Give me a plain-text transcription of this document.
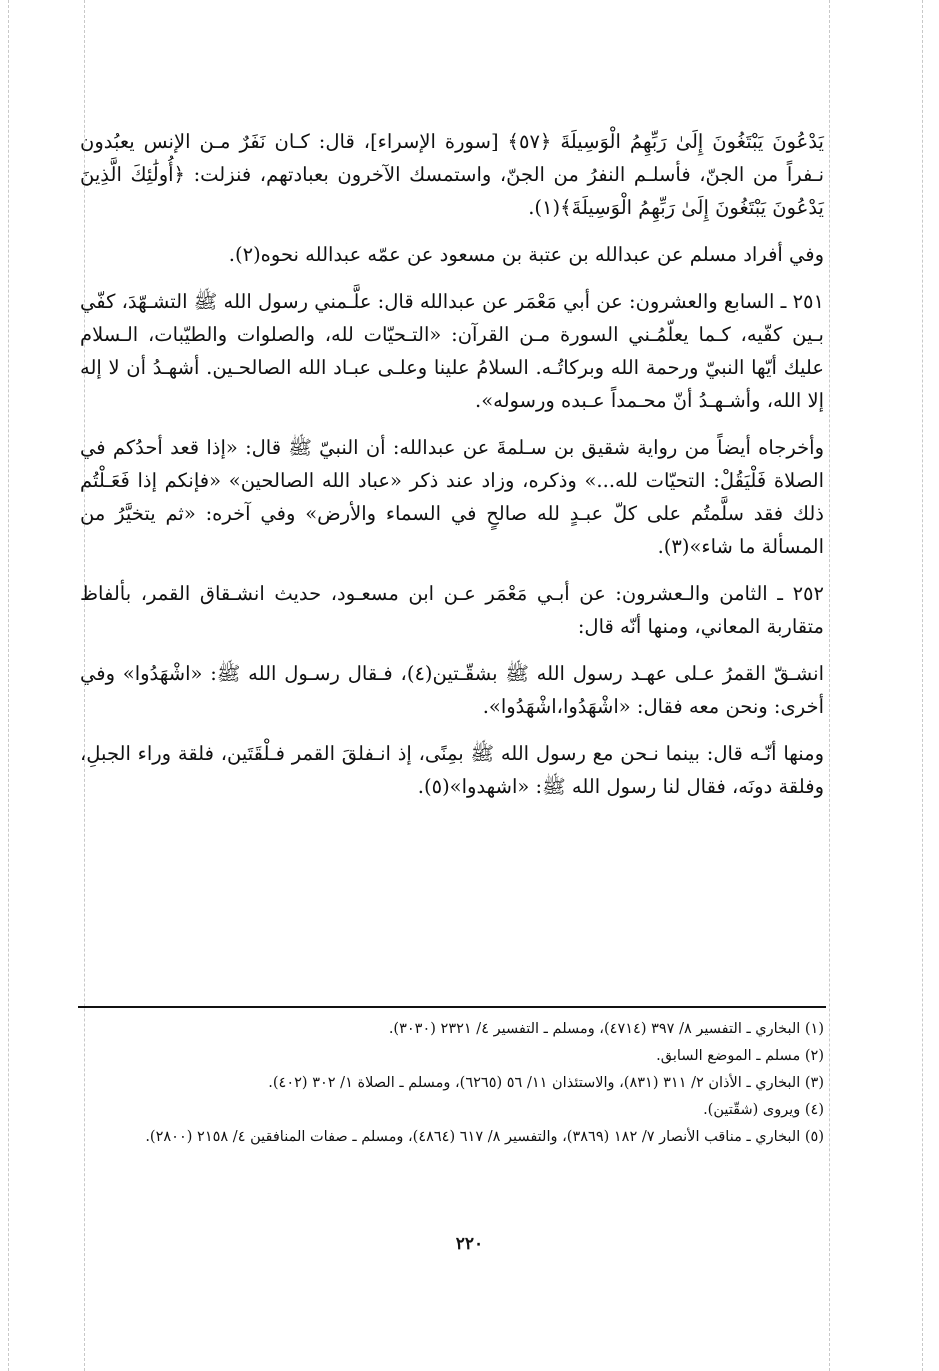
يَدْعُونَ يَبْتَغُونَ إِلَىٰ رَبِّهِمُ الْوَسِيلَةَ ﴿٥٧﴾ [سورة الإسراء]، قال: كـان نَفَرٌ مـن الإنس يعبُدون نـفراً من الجنّ، فأسلـم النفرُ من الجنّ، واستمسك الآخرون بعبادتهم، فنزلت: ﴿أُولَٰئِكَ الَّذِينَ يَدْعُونَ يَبْتَغُونَ إِلَىٰ رَبِّهِمُ الْوَسِيلَةَ﴾(١).

وفي أفراد مسلم عن عبدالله بن عتبة بن مسعود عن عمّه عبدالله نحوه(٢).

٢٥١ ـ السابع والعشرون: عن أبي مَعْمَر عن عبدالله قال: علَّـمني رسول الله ﷺ التشـهّدَ، كفّي بـين كفّيه، كـما يعلّمُـني السورة مـن القرآن: «التـحيّات لله، والصلوات والطيّبات، الـسلام عليك أيّها النبيّ ورحمة الله وبركاتُـه. السلامُ علينا وعلـى عبـاد الله الصالحـين. أشهـدُ أن لا إله إلا الله، وأشـهـدُ أنّ محـمداً عـبده ورسوله».

وأخرجاه أيضاً من رواية شقيق بن سـلمةَ عن عبدالله: أن النبيّ ﷺ قال: «إذا قعد أحدُكم في الصلاة فَلْيَقُلْ: التحيّات لله...» وذكره، وزاد عند ذكر «عباد الله الصالحين» «فإنكم إذا فَعَـلْتُم ذلك فقد سلَّمتُم على كلّ عبـدٍ لله صالحٍ في السماء والأرض» وفي آخره: «ثم يتخيَّرُ من المسألة ما شاء»(٣).

٢٥٢ ـ الثامن والـعشرون: عن أبـي مَعْمَر عـن ابن مسعـود، حديث انشـقاق القمر، بألفاظ متقاربة المعاني، ومنها أنّه قال:

انشـقّ القمرُ عـلى عهـد رسول الله ﷺ بشقّـتين(٤)، فـقال رسـول الله ﷺ: «اشْهَدُوا» وفي أخرى: ونحن معه فقال: «اشْهَدُوا،اشْهَدُوا».

ومنها أنّـه قال: بينما نـحن مع رسول الله ﷺ بمِنًى، إذ انـفلقَ القمر فـلْقَتَين، فلقة وراء الجبلِ، وفلقة دونَه، فقال لنا رسول الله ﷺ: «اشهدوا»(٥).

(١) البخاري ـ التفسير ٨/ ٣٩٧ (٤٧١٤)، ومسلم ـ التفسير ٤/ ٢٣٢١ (٣٠٣٠).

(٢) مسلم ـ الموضع السابق.

(٣) البخاري ـ الأذان ٢/ ٣١١ (٨٣١)، والاستئذان ١١/ ٥٦ (٦٢٦٥)، ومسلم ـ الصلاة ١/ ٣٠٢ (٤٠٢).

(٤) ويروى (شقّتين).

(٥) البخاري ـ مناقب الأنصار ٧/ ١٨٢ (٣٨٦٩)، والتفسير ٨/ ٦١٧ (٤٨٦٤)، ومسلم ـ صفات المنافقين ٤/ ٢١٥٨ (٢٨٠٠).

٢٢٠
